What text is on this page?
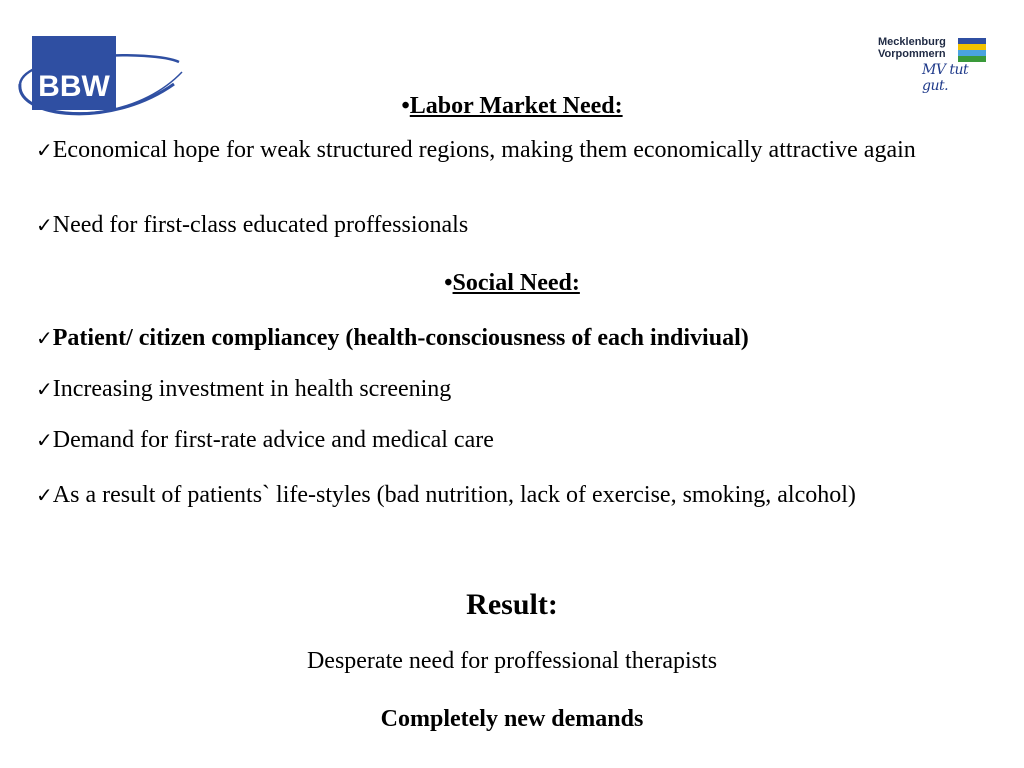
BBW
Mecklenburg
Vorpommern
MV tut gut.
•Labor Market Need:
✓Economical hope for weak structured regions, making them economically attractive again
✓Need for first-class educated proffessionals
•Social Need:
✓Patient/ citizen compliancey (health-consciousness of each indiviual)
✓Increasing investment in health screening
✓Demand for first-rate advice and medical care
✓As a result of patients` life-styles (bad nutrition, lack of exercise, smoking, alcohol)
Result:
Desperate need for proffessional therapists
Completely new demands
